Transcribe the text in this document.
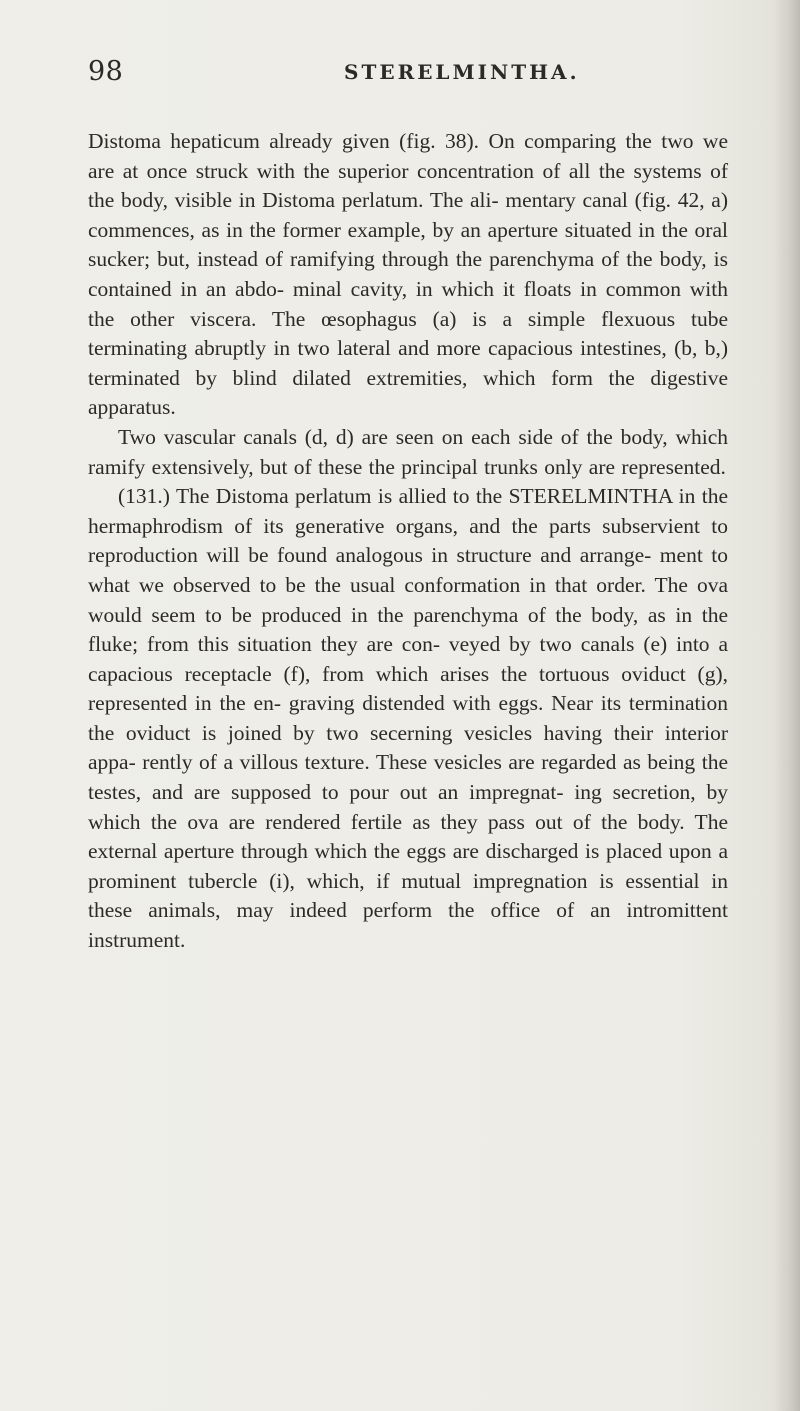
98	STERELMINTHA.

Distoma hepaticum already given (fig. 38). On comparing the two we are at once struck with the superior concentration of all the systems of the body, visible in Distoma perlatum. The ali- mentary canal (fig. 42, a) commences, as in the former example, by an aperture situated in the oral sucker; but, instead of ramifying through the parenchyma of the body, is contained in an abdo- minal cavity, in which it floats in common with the other viscera. The œsophagus (a) is a simple flexuous tube terminating abruptly in two lateral and more capacious intestines, (b, b,) terminated by blind dilated extremities, which form the digestive apparatus.

Two vascular canals (d, d) are seen on each side of the body, which ramify extensively, but of these the principal trunks only are represented.

(131.) The Distoma perlatum is allied to the STERELMINTHA in the hermaphrodism of its generative organs, and the parts subservient to reproduction will be found analogous in structure and arrange- ment to what we observed to be the usual conformation in that order. The ova would seem to be produced in the parenchyma of the body, as in the fluke; from this situation they are con- veyed by two canals (e) into a capacious receptacle (f), from which arises the tortuous oviduct (g), represented in the en- graving distended with eggs. Near its termination the oviduct is joined by two secerning vesicles having their interior appa- rently of a villous texture. These vesicles are regarded as being the testes, and are supposed to pour out an impregnat- ing secretion, by which the ova are rendered fertile as they pass out of the body. The external aperture through which the eggs are discharged is placed upon a prominent tubercle (i), which, if mutual impregnation is essential in these animals, may indeed perform the office of an intromittent instrument.
